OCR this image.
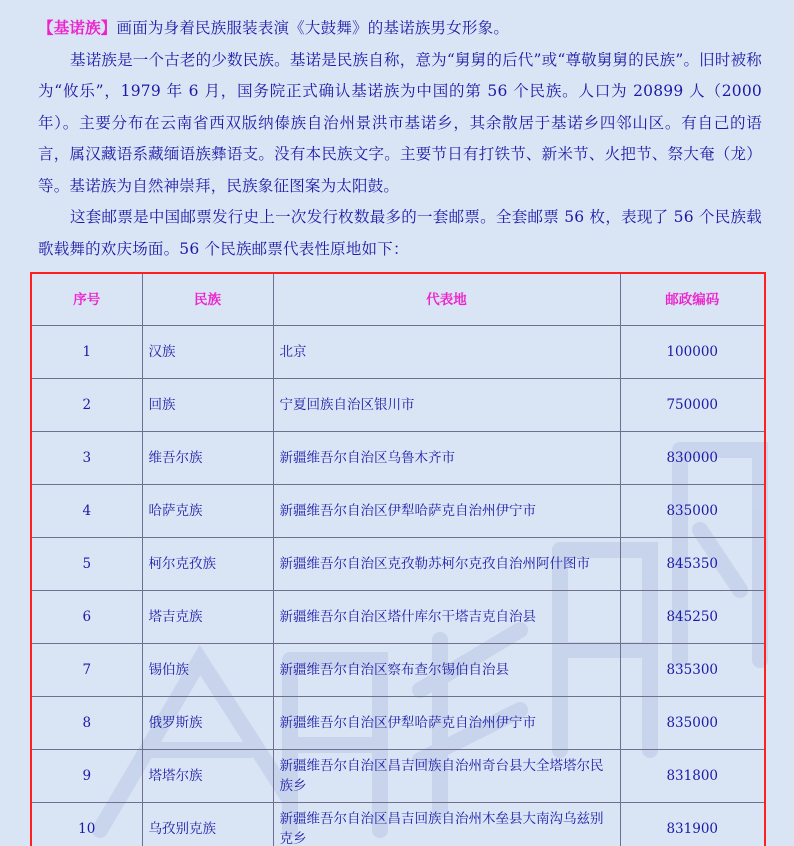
【基诺族】画面为身着民族服装表演《大鼓舞》的基诺族男女形象。

基诺族是一个古老的少数民族。基诺是民族自称，意为“舅舅的后代”或“尊敬舅舅的民族”。旧时被称为“攸乐”，1979 年 6 月，国务院正式确认基诺族为中国的第 56 个民族。人口为 20899 人（2000 年）。主要分布在云南省西双版纳傣族自治州景洪市基诺乡，其余散居于基诺乡四邻山区。有自己的语言，属汉藏语系藏缅语族彝语支。没有本民族文字。主要节日有打铁节、新米节、火把节、祭大奄（龙）等。基诺族为自然神崇拜，民族象征图案为太阳鼓。

这套邮票是中国邮票发行史上一次发行枚数最多的一套邮票。全套邮票 56 枚，表现了 56 个民族载歌载舞的欢庆场面。56 个民族邮票代表性原地如下：

序号	民族	代表地	邮政编码
1	汉族	北京	100000
2	回族	宁夏回族自治区银川市	750000
3	维吾尔族	新疆维吾尔自治区乌鲁木齐市	830000
4	哈萨克族	新疆维吾尔自治区伊犁哈萨克自治州伊宁市	835000
5	柯尔克孜族	新疆维吾尔自治区克孜勒苏柯尔克孜自治州阿什图市	845350
6	塔吉克族	新疆维吾尔自治区塔什库尔干塔吉克自治县	845250
7	锡伯族	新疆维吾尔自治区察布查尔锡伯自治县	835300
8	俄罗斯族	新疆维吾尔自治区伊犁哈萨克自治州伊宁市	835000
9	塔塔尔族	新疆维吾尔自治区昌吉回族自治州奇台县大全塔塔尔民族乡	831800
10	乌孜别克族	新疆维吾尔自治区昌吉回族自治州木垒县大南沟乌兹别克乡	831900
